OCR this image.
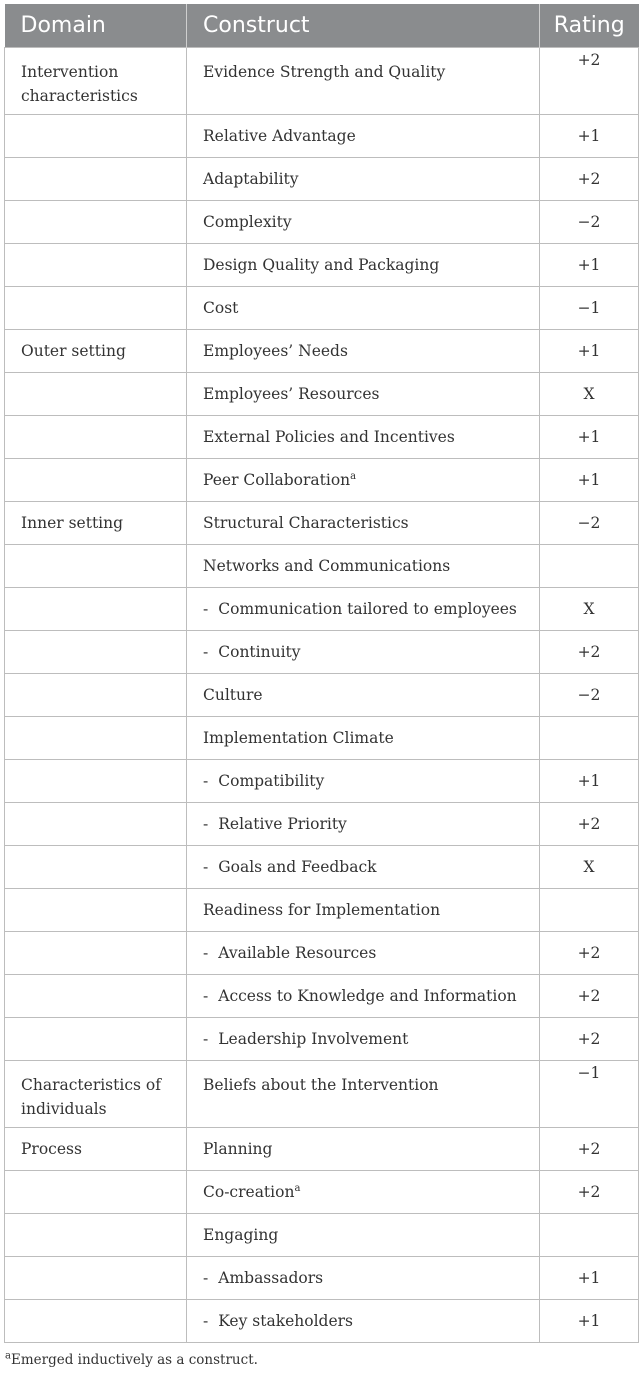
Domain	Construct	Rating
Intervention characteristics	Evidence Strength and Quality	+2
	Relative Advantage	+1
	Adaptability	+2
	Complexity	−2
	Design Quality and Packaging	+1
	Cost	−1
Outer setting	Employees’ Needs	+1
	Employees’ Resources	X
	External Policies and Incentives	+1
	Peer Collaboration$^a$	+1
Inner setting	Structural Characteristics	−2
	Networks and Communications	
	- Communication tailored to employees	X
	- Continuity	+2
	Culture	−2
	Implementation Climate	
	- Compatibility	+1
	- Relative Priority	+2
	- Goals and Feedback	X
	Readiness for Implementation	
	- Available Resources	+2
	- Access to Knowledge and Information	+2
	- Leadership Involvement	+2
Characteristics of individuals	Beliefs about the Intervention	−1
Process	Planning	+2
	Co-creation$^a$	+2
	Engaging	
	- Ambassadors	+1
	- Key stakeholders	+1
$^a$Emerged inductively as a construct.
